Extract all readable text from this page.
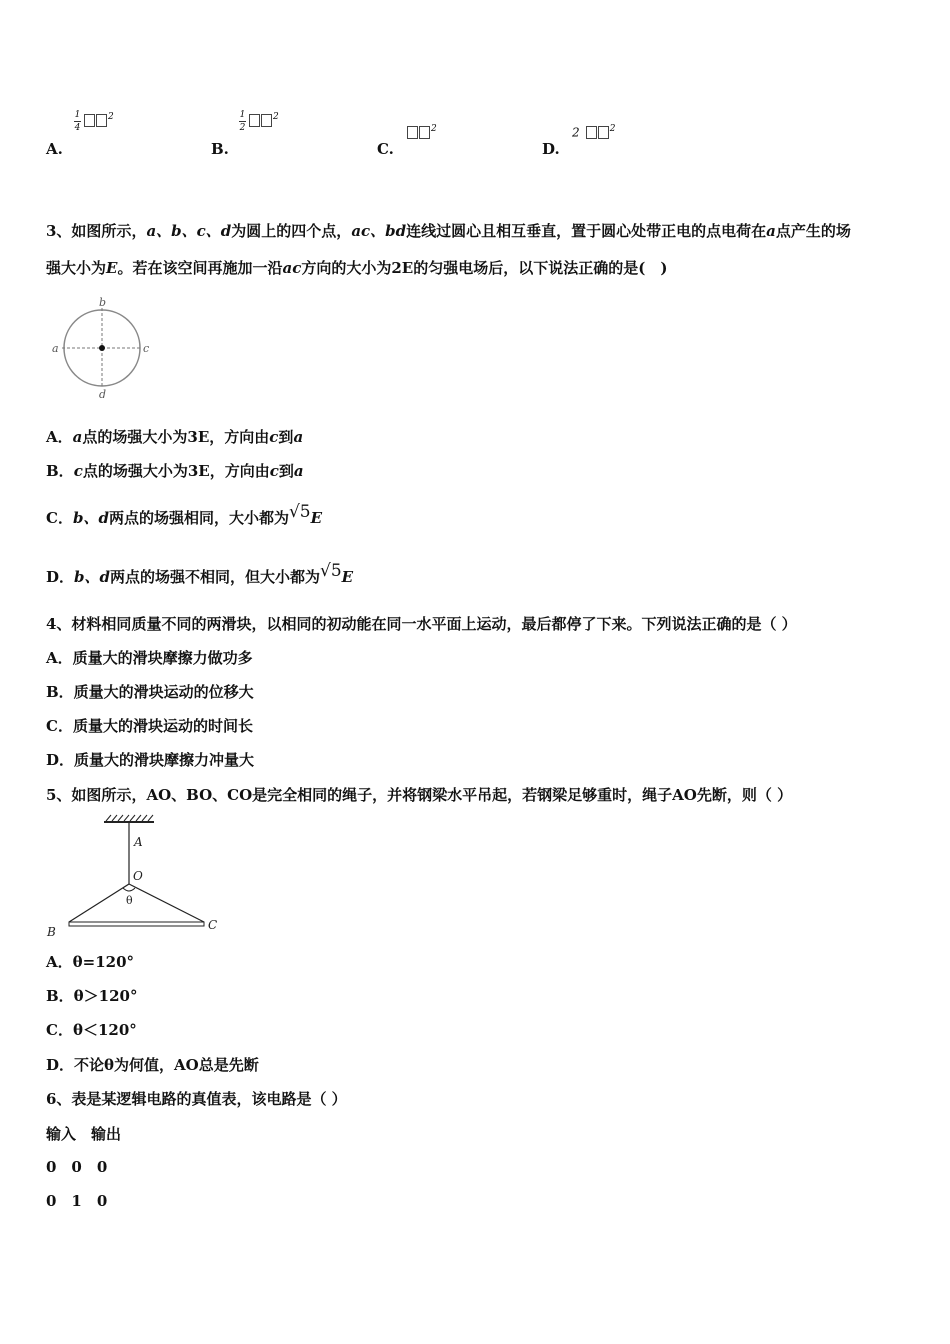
1
4
$^2$
A.
1
2
$^2$
B.
$^2$
C.
2	$^2$
D.
3、如图所示，a、b、c、d为圆上的四个点，ac、bd连线过圆心且相互垂直，置于圆心处带正电的点电荷在a点产生的场
强大小为E。若在该空间再施加一沿ac方向的大小为2E的匀强电场后，以下说法正确的是(　)
a
b
c
d
A．a点的场强大小为3E，方向由c到a
B．c点的场强大小为3E，方向由c到a
C．b、d两点的场强相同，大小都为√5E
D．b、d两点的场强不相同，但大小都为√5E
4、材料相同质量不同的两滑块，以相同的初动能在同一水平面上运动，最后都停了下来。下列说法正确的是（ ）
A．质量大的滑块摩擦力做功多
B．质量大的滑块运动的位移大
C．质量大的滑块运动的时间长
D．质量大的滑块摩擦力冲量大
5、如图所示，AO、BO、CO是完全相同的绳子，并将钢梁水平吊起，若钢梁足够重时，绳子AO先断，则（ ）
A
O
θ
B	C
A．θ=120°
B．θ＞120°
C．θ＜120°
D．不论θ为何值，AO总是先断
6、表是某逻辑电路的真值表，该电路是（ ）
输入　输出
0　0　0
0　1　0
